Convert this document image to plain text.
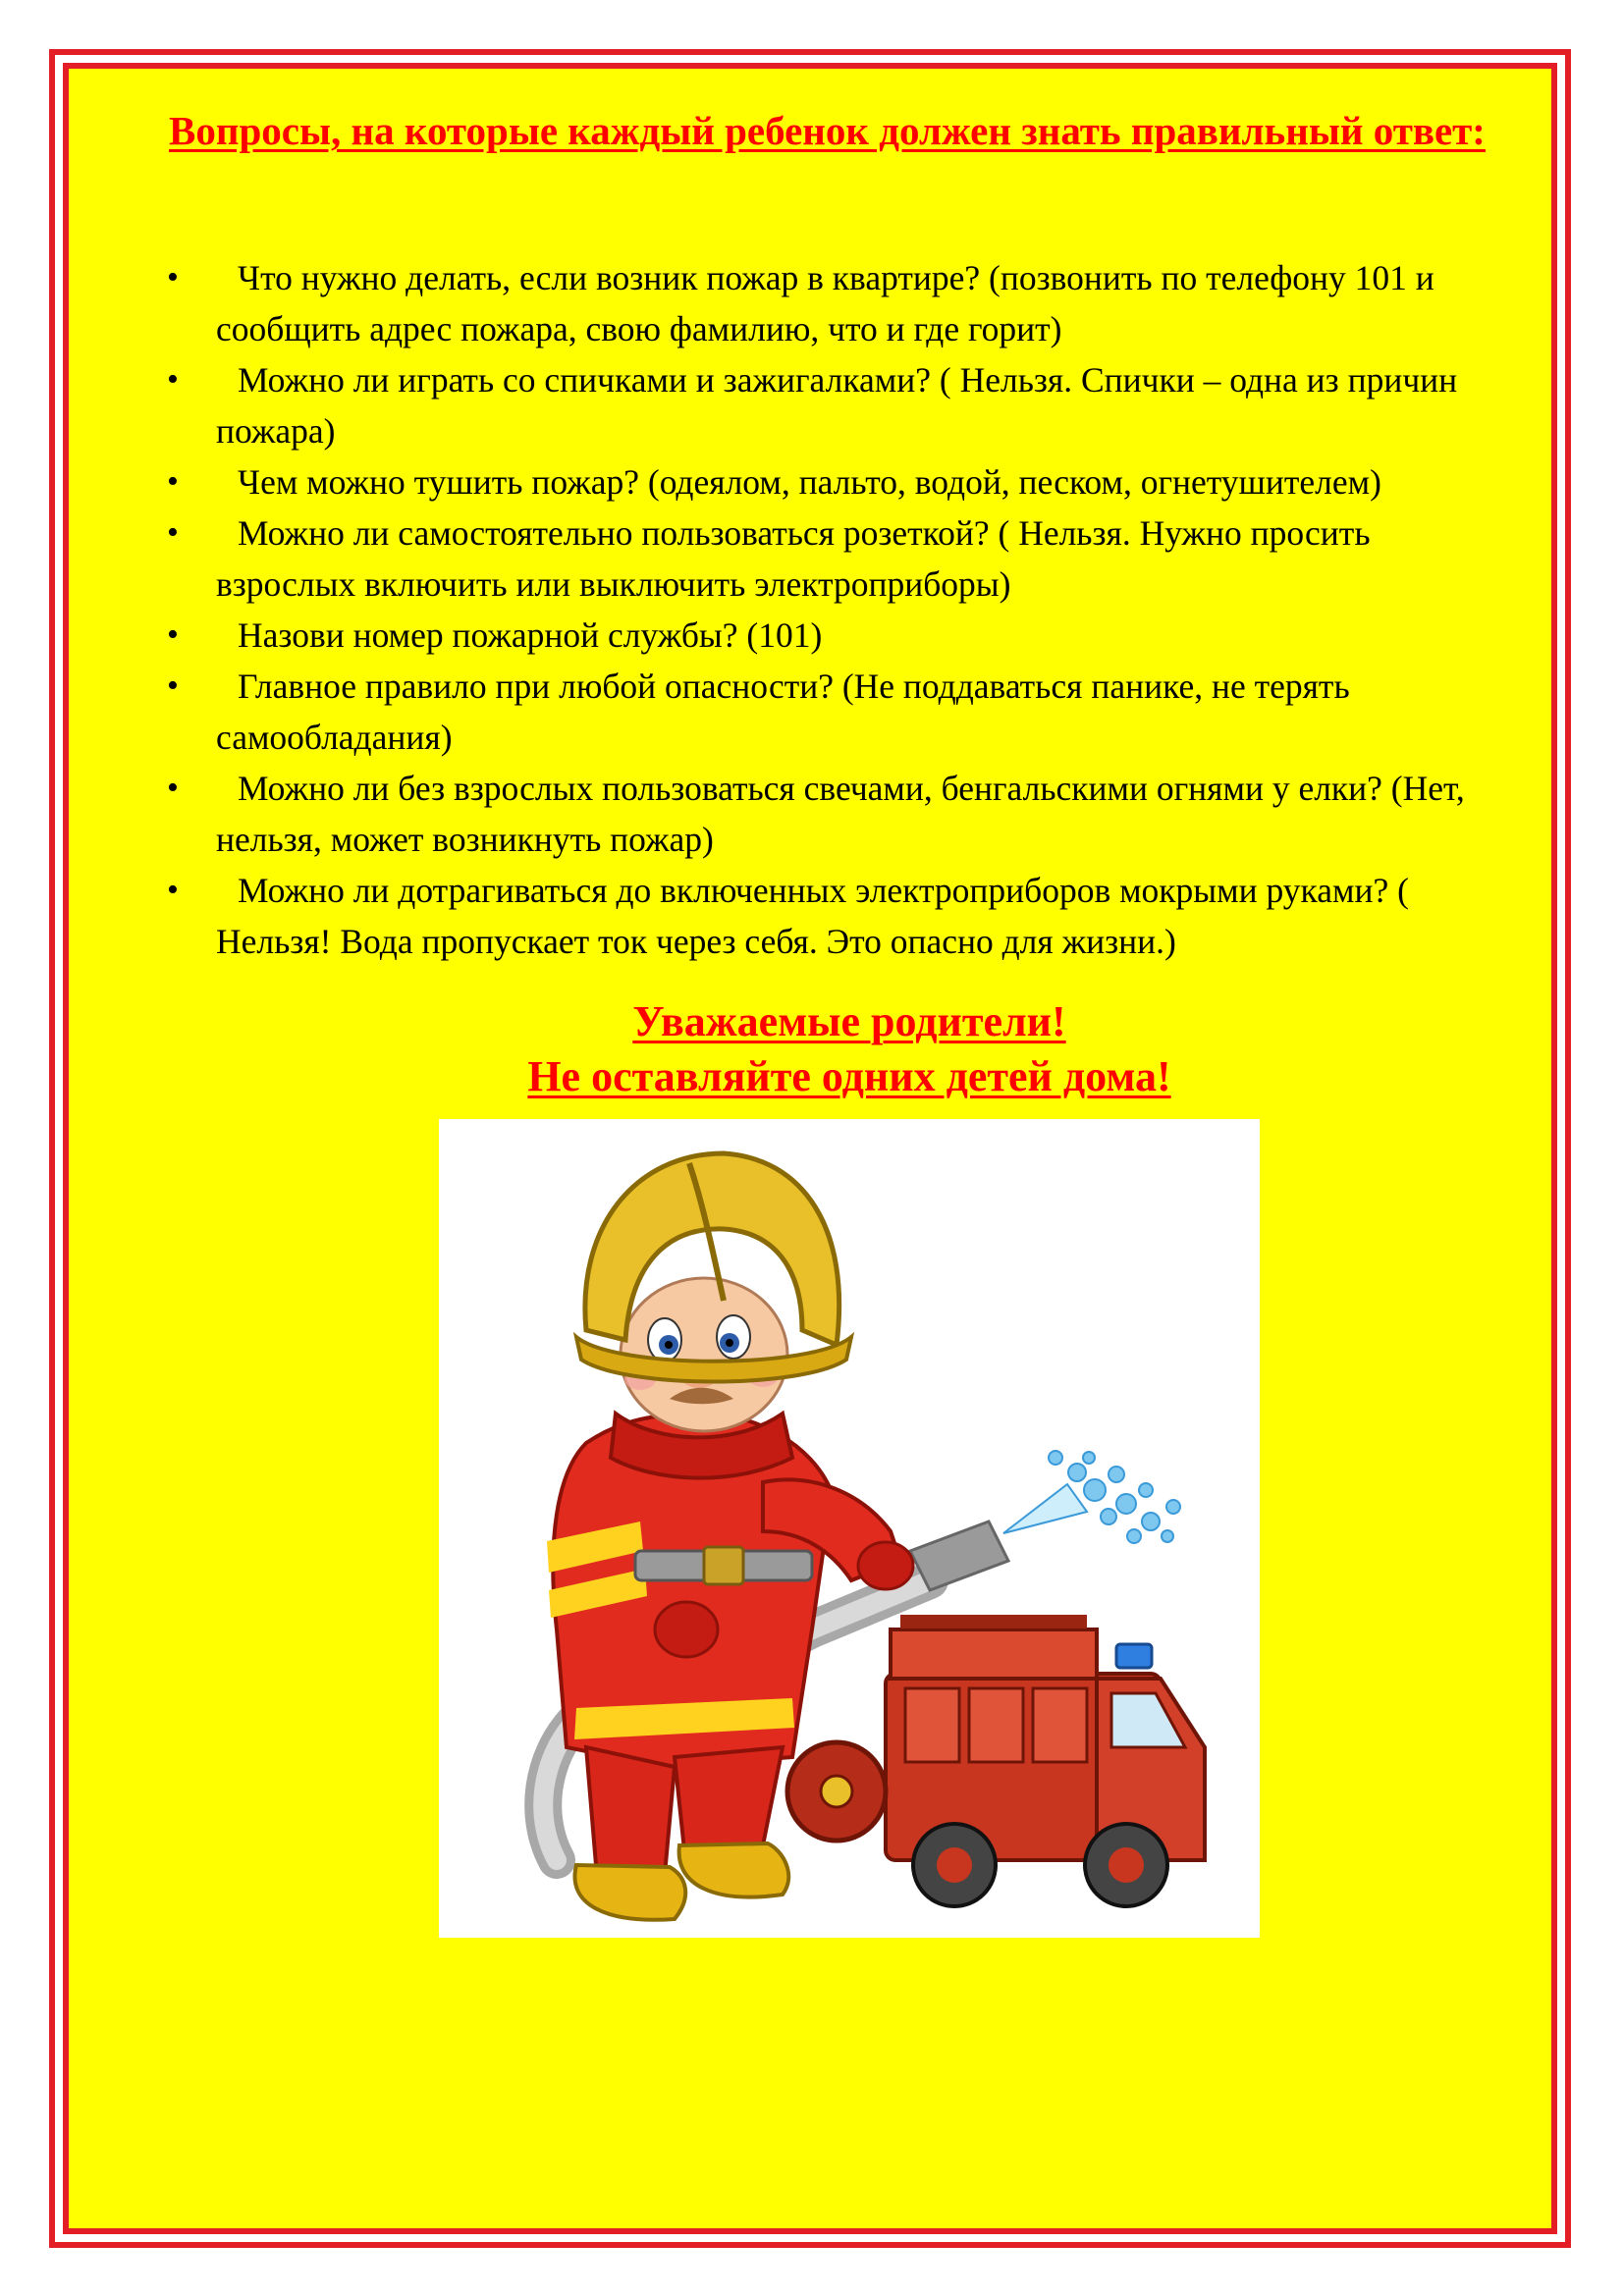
Вопросы, на которые каждый ребенок должен знать правильный ответ:
•	Что нужно делать, если возник пожар в квартире? (позвонить по телефону 101 и сообщить адрес пожара, свою фамилию, что и где горит)
•	Можно ли играть со спичками и зажигалками? ( Нельзя. Спички – одна из причин пожара)
•	Чем можно тушить пожар? (одеялом, пальто, водой, песком, огнетушителем)
•	Можно ли самостоятельно пользоваться розеткой? ( Нельзя. Нужно просить взрослых включить или выключить электроприборы)
•	Назови номер пожарной службы? (101)
•	Главное правило при любой опасности? (Не поддаваться панике, не терять самообладания)
•	Можно ли без взрослых пользоваться свечами, бенгальскими огнями у елки? (Нет, нельзя, может возникнуть пожар)
•	Можно ли дотрагиваться до включенных электроприборов мокрыми руками? ( Нельзя! Вода пропускает ток через себя. Это опасно для жизни.)
Уважаемые родители!
Не оставляйте одних детей дома!
